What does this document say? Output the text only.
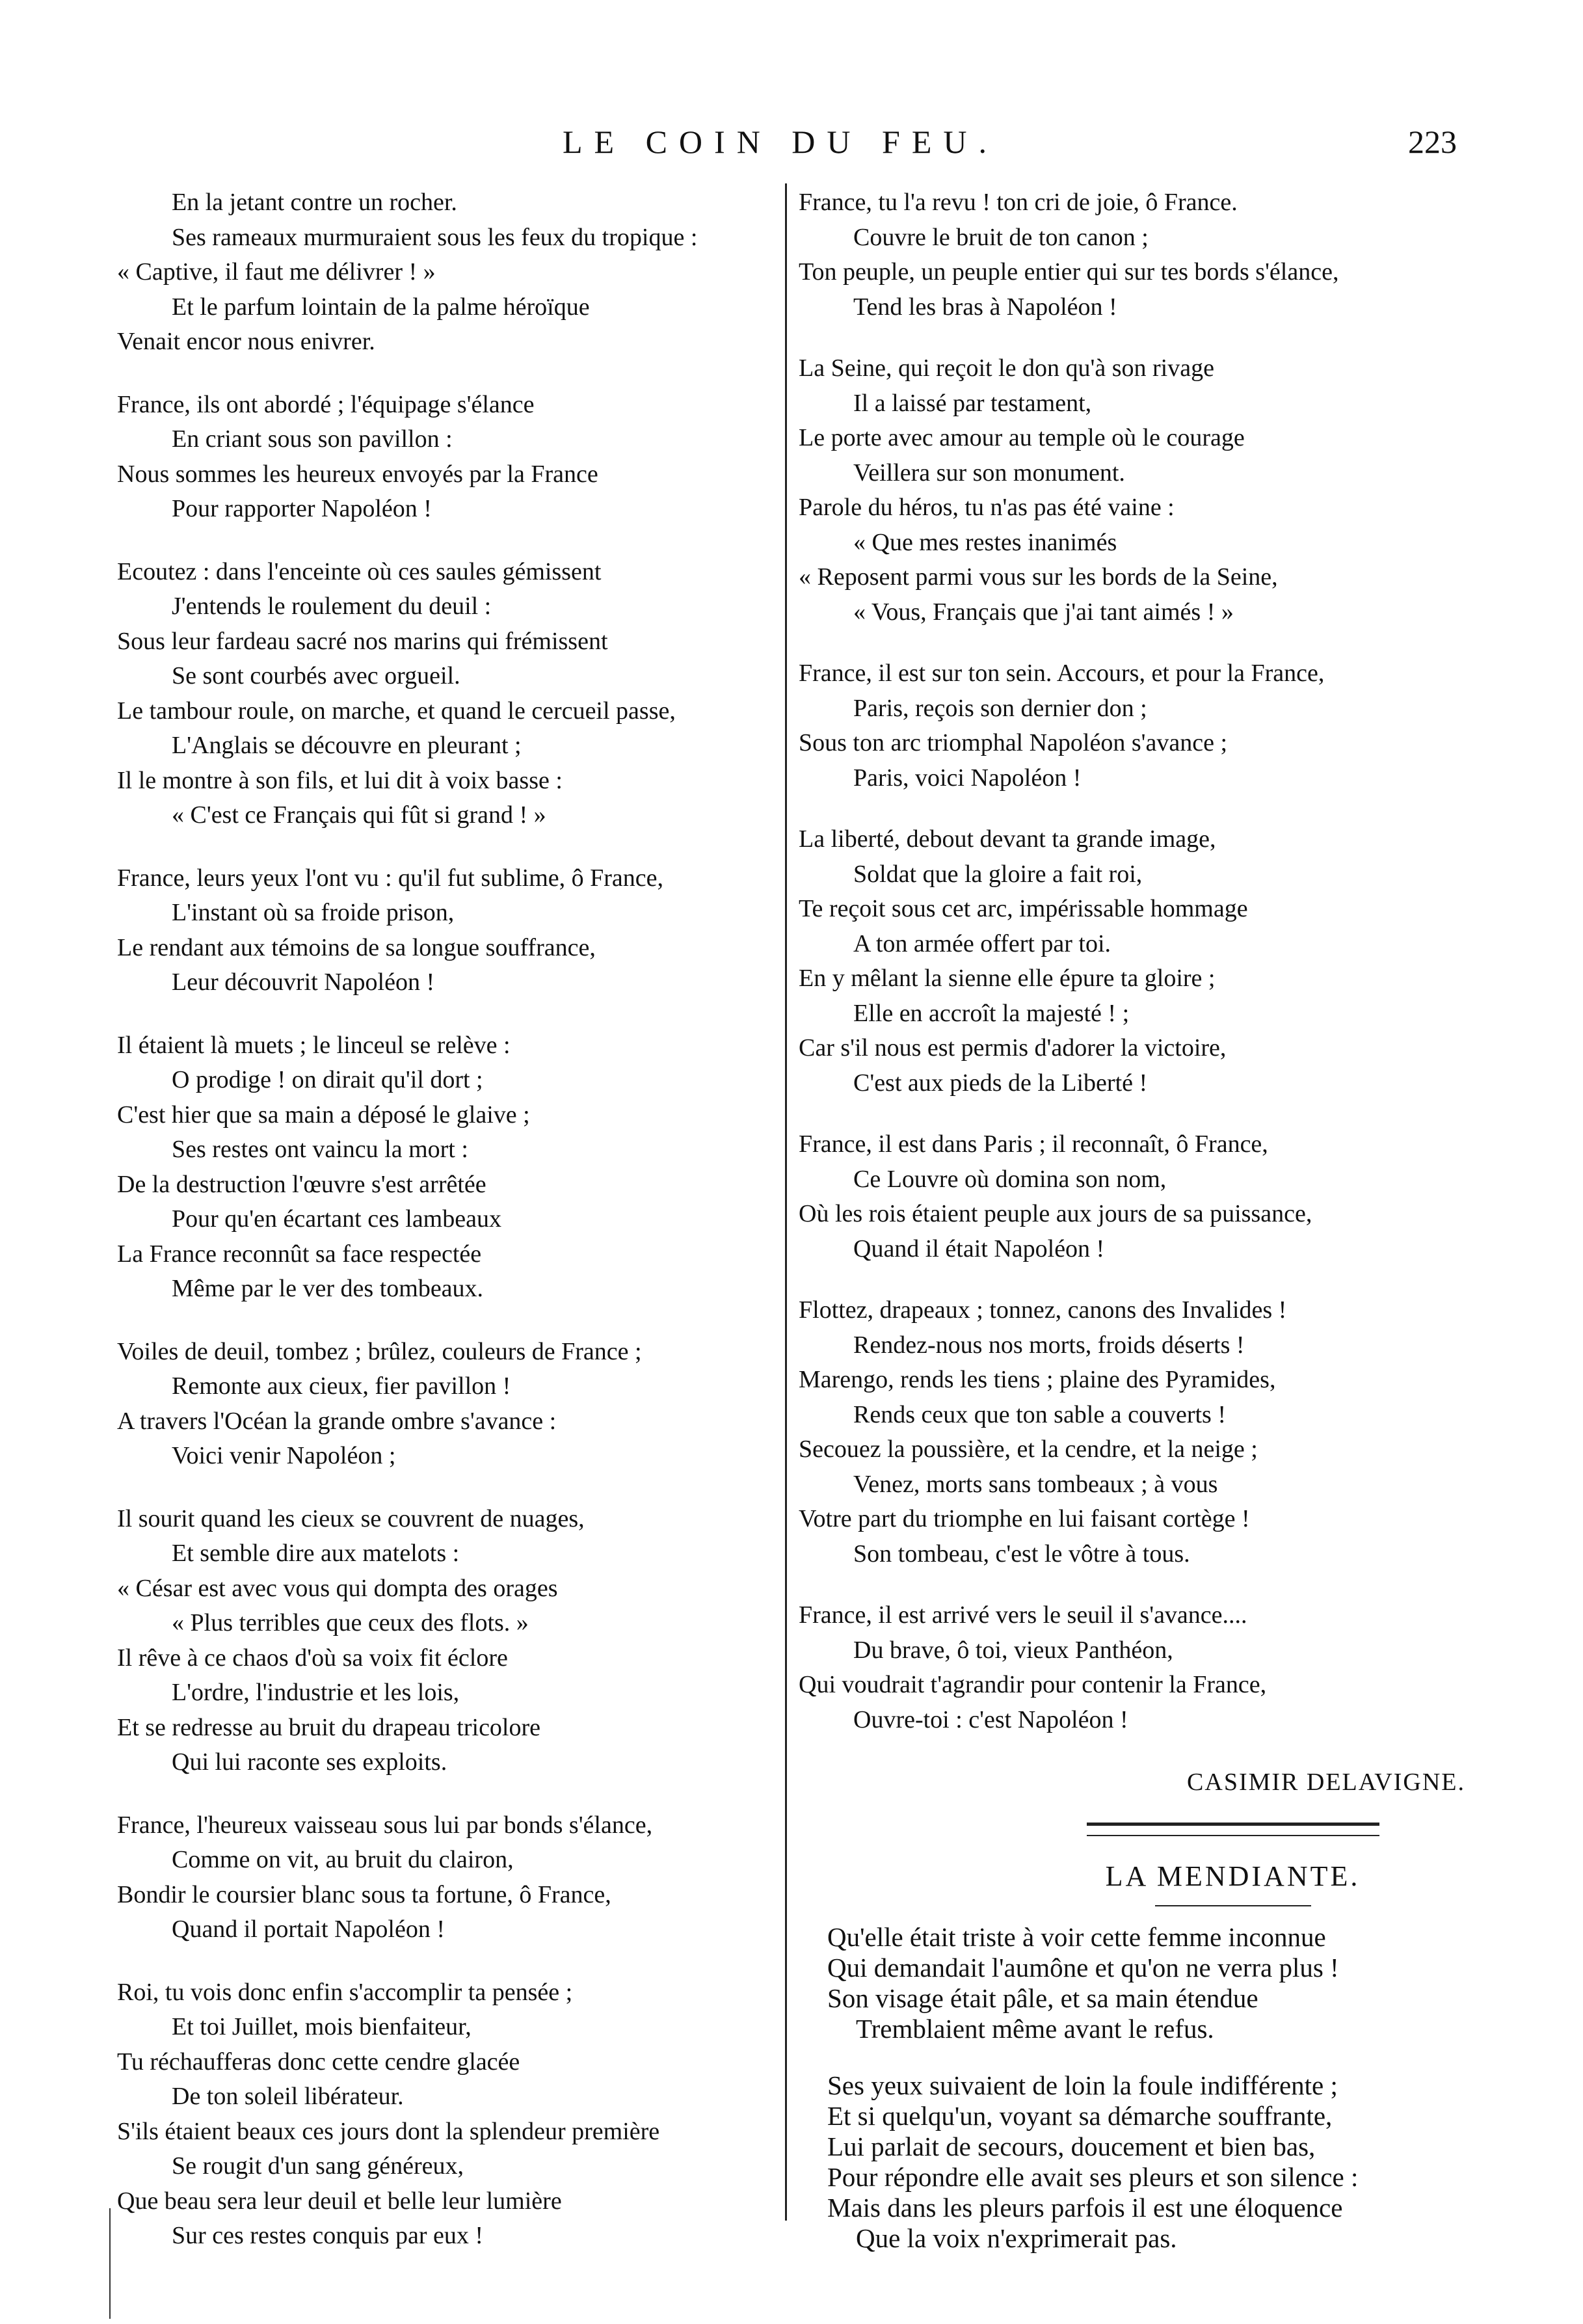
LE COIN DU FEU.	223
En la jetant contre un rocher.
Ses rameaux murmuraient sous les feux du tropique :
« Captive, il faut me délivrer ! »
Et le parfum lointain de la palme héroïque
Venait encor nous enivrer.
France, ils ont abordé ; l'équipage s'élance
En criant sous son pavillon :
Nous sommes les heureux envoyés par la France
Pour rapporter Napoléon !
Ecoutez : dans l'enceinte où ces saules gémissent
J'entends le roulement du deuil :
Sous leur fardeau sacré nos marins qui frémissent
Se sont courbés avec orgueil.
Le tambour roule, on marche, et quand le cercueil passe,
L'Anglais se découvre en pleurant ;
Il le montre à son fils, et lui dit à voix basse :
« C'est ce Français qui fût si grand ! »
France, leurs yeux l'ont vu : qu'il fut sublime, ô France,
L'instant où sa froide prison,
Le rendant aux témoins de sa longue souffrance,
Leur découvrit Napoléon !
Il étaient là muets ; le linceul se relève :
O prodige ! on dirait qu'il dort ;
C'est hier que sa main a déposé le glaive ;
Ses restes ont vaincu la mort :
De la destruction l'œuvre s'est arrêtée
Pour qu'en écartant ces lambeaux
La France reconnût sa face respectée
Même par le ver des tombeaux.
Voiles de deuil, tombez ; brûlez, couleurs de France ;
Remonte aux cieux, fier pavillon !
A travers l'Océan la grande ombre s'avance :
Voici venir Napoléon ;
Il sourit quand les cieux se couvrent de nuages,
Et semble dire aux matelots :
« César est avec vous qui dompta des orages
« Plus terribles que ceux des flots. »
Il rêve à ce chaos d'où sa voix fit éclore
L'ordre, l'industrie et les lois,
Et se redresse au bruit du drapeau tricolore
Qui lui raconte ses exploits.
France, l'heureux vaisseau sous lui par bonds s'élance,
Comme on vit, au bruit du clairon,
Bondir le coursier blanc sous ta fortune, ô France,
Quand il portait Napoléon !
Roi, tu vois donc enfin s'accomplir ta pensée ;
Et toi Juillet, mois bienfaiteur,
Tu réchaufferas donc cette cendre glacée
De ton soleil libérateur.
S'ils étaient beaux ces jours dont la splendeur première
Se rougit d'un sang généreux,
Que beau sera leur deuil et belle leur lumière
Sur ces restes conquis par eux !
France, tu l'a revu ! ton cri de joie, ô France.
Couvre le bruit de ton canon ;
Ton peuple, un peuple entier qui sur tes bords s'élance,
Tend les bras à Napoléon !
La Seine, qui reçoit le don qu'à son rivage
Il a laissé par testament,
Le porte avec amour au temple où le courage
Veillera sur son monument.
Parole du héros, tu n'as pas été vaine :
« Que mes restes inanimés
« Reposent parmi vous sur les bords de la Seine,
« Vous, Français que j'ai tant aimés ! »
France, il est sur ton sein. Accours, et pour la France,
Paris, reçois son dernier don ;
Sous ton arc triomphal Napoléon s'avance ;
Paris, voici Napoléon !
La liberté, debout devant ta grande image,
Soldat que la gloire a fait roi,
Te reçoit sous cet arc, impérissable hommage
A ton armée offert par toi.
En y mêlant la sienne elle épure ta gloire ;
Elle en accroît la majesté ! ;
Car s'il nous est permis d'adorer la victoire,
C'est aux pieds de la Liberté !
France, il est dans Paris ; il reconnaît, ô France,
Ce Louvre où domina son nom,
Où les rois étaient peuple aux jours de sa puissance,
Quand il était Napoléon !
Flottez, drapeaux ; tonnez, canons des Invalides !
Rendez-nous nos morts, froids déserts !
Marengo, rends les tiens ; plaine des Pyramides,
Rends ceux que ton sable a couverts !
Secouez la poussière, et la cendre, et la neige ;
Venez, morts sans tombeaux ; à vous
Votre part du triomphe en lui faisant cortège !
Son tombeau, c'est le vôtre à tous.
France, il est arrivé vers le seuil il s'avance....
Du brave, ô toi, vieux Panthéon,
Qui voudrait t'agrandir pour contenir la France,
Ouvre-toi : c'est Napoléon !
CASIMIR DELAVIGNE.
LA MENDIANTE.
Qu'elle était triste à voir cette femme inconnue
Qui demandait l'aumône et qu'on ne verra plus !
Son visage était pâle, et sa main étendue
Tremblaient même avant le refus.
Ses yeux suivaient de loin la foule indifférente ;
Et si quelqu'un, voyant sa démarche souffrante,
Lui parlait de secours, doucement et bien bas,
Pour répondre elle avait ses pleurs et son silence :
Mais dans les pleurs parfois il est une éloquence
Que la voix n'exprimerait pas.
